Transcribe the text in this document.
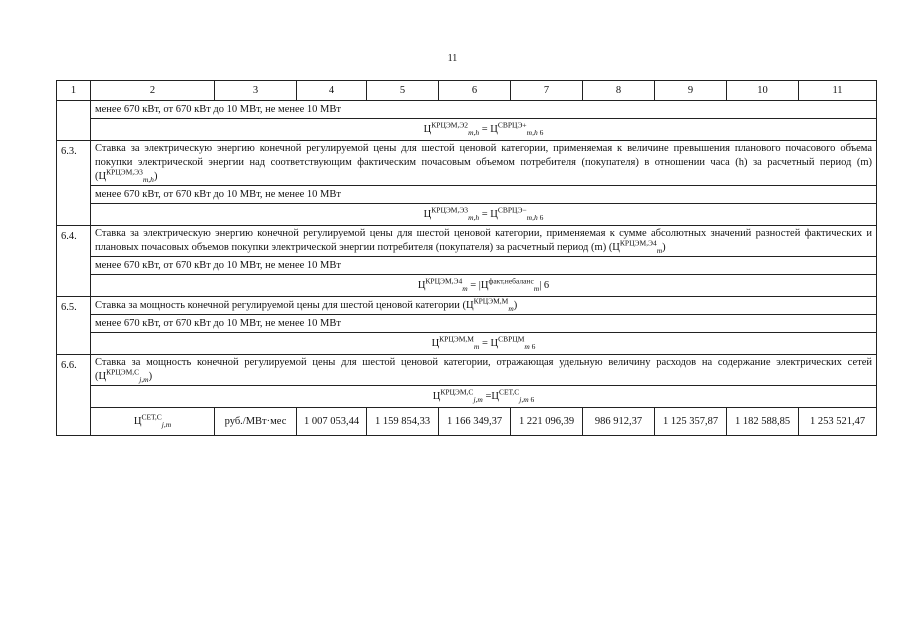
11
1	2	3	4	5	6	7	8	9	10	11
	менее 670 кВт, от 670 кВт до 10 МВт, не менее 10 МВт									
	$Ц^{КРЦЭМ,Э2}_{m,h} = Ц^{СВРЦЭ+}_{m,h}$ $_6$
6.3.	Ставка за электрическую энергию конечной регулируемой цены для шестой ценовой категории, применяемая к величине превышения планового почасового объема покупки электрической энергии над соответствующим фактическим почасовым объемом потребителя (покупателя) в отношении часа (h) за расчетный период (m) $(Ц^{КРЦЭМ,Э3}_{m,h})$									
	менее 670 кВт, от 670 кВт до 10 МВт, не менее 10 МВт									
	$Ц^{КРЦЭМ,Э3}_{m,h} = Ц^{СВРЦЭ-}_{m,h}$ $_6$
6.4.	Ставка за электрическую энергию конечной регулируемой цены для шестой ценовой категории, применяемая к сумме абсолютных значений разностей фактических и плановых почасовых объемов покупки электрической энергии потребителя (покупателя) за расчетный период (m) $(Ц^{КРЦЭМ,Э4}_m)$									
	менее 670 кВт, от 670 кВт до 10 МВт, не менее 10 МВт									
	$Ц^{КРЦЭМ,Э4}_m = |Ц^{факт,небаланс}_m|$ 6									
6.5.	Ставка за мощность конечной регулируемой цены для шестой ценовой категории $(Ц^{КРЦЭМ,М}_m)$									
	менее 670 кВт, от 670 кВт до 10 МВт, не менее 10 МВт									
	$Ц^{КРЦЭМ,М}_m = Ц^{СВРЦМ}_m$ $_6$
6.6.	Ставка за мощность конечной регулируемой цены для шестой ценовой категории, отражающая удельную величину расходов на содержание электрических сетей $(Ц^{КРЦЭМ,С}_{j,m})$									
	$Ц^{КРЦЭМ,С}_{j,m} =Ц^{СЕТ,С}_{j,m}$ $_6$
	$Ц^{СЕТ,С}_{j,m}$	руб./МВт·мес	1 007 053,44	1 159 854,33	1 166 349,37	1 221 096,39	986 912,37	1 125 357,87	1 182 588,85	1 253 521,47
